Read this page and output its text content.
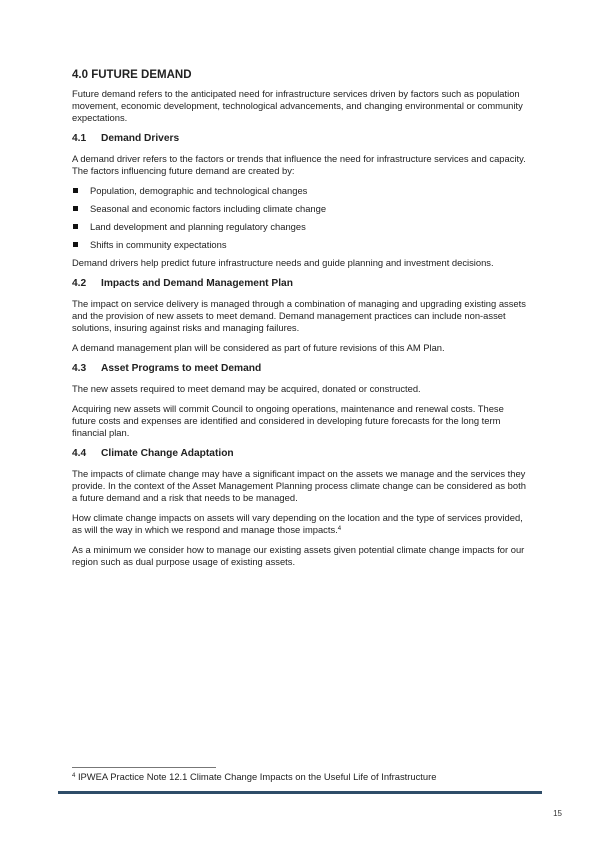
4.0 FUTURE DEMAND

Future demand refers to the anticipated need for infrastructure services driven by factors such as population movement, economic development, technological advancements, and changing environmental or community expectations.

4.1	Demand Drivers

A demand driver refers to the factors or trends that influence the need for infrastructure services and capacity. The factors influencing future demand are created by:

Population, demographic and technological changes
Seasonal and economic factors including climate change
Land development and planning regulatory changes
Shifts in community expectations

Demand drivers help predict future infrastructure needs and guide planning and investment decisions.

4.2	Impacts and Demand Management Plan

The impact on service delivery is managed through a combination of managing and upgrading existing assets and the provision of new assets to meet demand. Demand management practices can include non-asset solutions, insuring against risks and managing failures.

A demand management plan will be considered as part of future revisions of this AM Plan.

4.3	Asset Programs to meet Demand

The new assets required to meet demand may be acquired, donated or constructed.

Acquiring new assets will commit Council to ongoing operations, maintenance and renewal costs. These future costs and expenses are identified and considered in developing future forecasts for the long term financial plan.

4.4	Climate Change Adaptation

The impacts of climate change may have a significant impact on the assets we manage and the services they provide. In the context of the Asset Management Planning process climate change can be considered as both a future demand and a risk that needs to be managed.

How climate change impacts on assets will vary depending on the location and the type of services provided, as will the way in which we respond and manage those impacts.$^4$

As a minimum we consider how to manage our existing assets given potential climate change impacts for our region such as dual purpose usage of existing assets.

$^4$ IPWEA Practice Note 12.1 Climate Change Impacts on the Useful Life of Infrastructure
15
